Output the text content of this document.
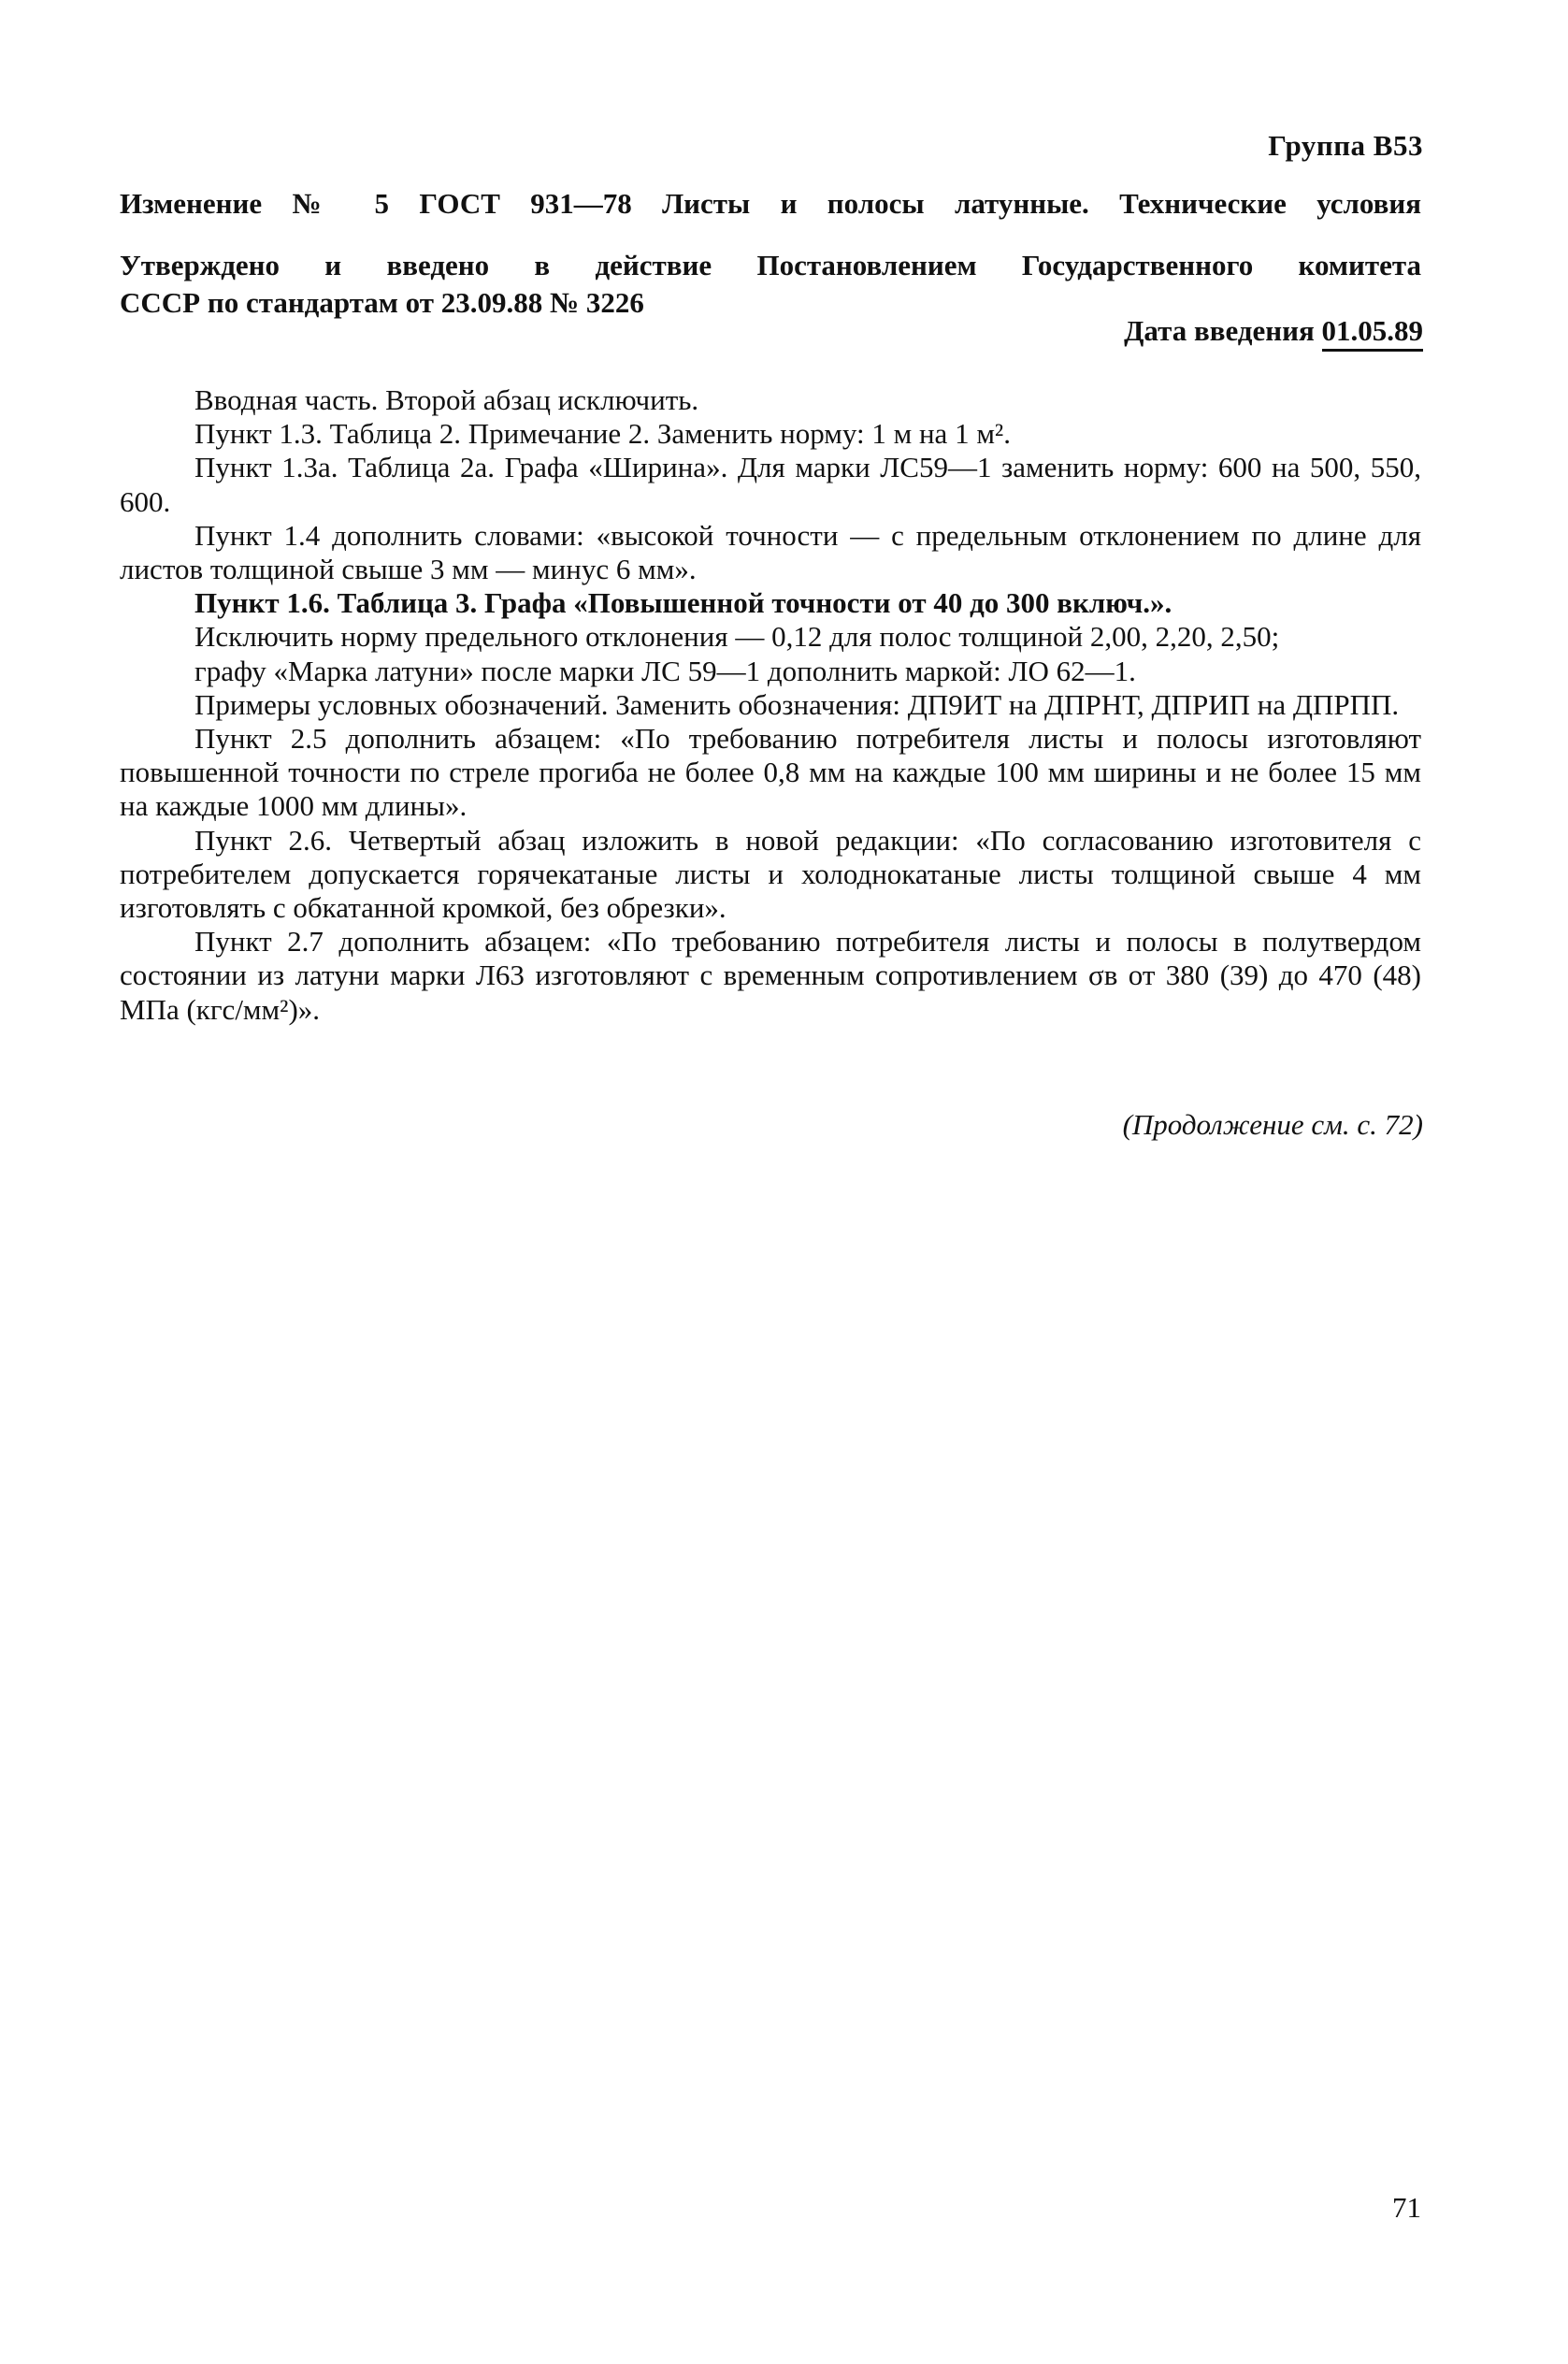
Группа В53
Изменение № 5 ГОСТ 931—78 Листы и полосы латунные. Технические условия
Утверждено и введено в действие Постановлением Государственного комитета
СССР по стандартам от 23.09.88 № 3226
Дата введения 01.05.89

Вводная часть. Второй абзац исключить.

Пункт 1.3. Таблица 2. Примечание 2. Заменить норму: 1 м на 1 м².

Пункт 1.3а. Таблица 2а. Графа «Ширина». Для марки ЛС59—1 заменить норму: 600 на 500, 550, 600.

Пункт 1.4 дополнить словами: «высокой точности — с предельным отклонением по длине для листов толщиной свыше 3 мм — минус 6 мм».

Пункт 1.6. Таблица 3. Графа «Повышенной точности от 40 до 300 включ.».

Исключить норму предельного отклонения — 0,12 для полос толщиной 2,00, 2,20, 2,50;

графу «Марка латуни» после марки ЛС 59—1 дополнить маркой: ЛО 62—1.

Примеры условных обозначений. Заменить обозначения: ДП9ИТ на ДПРНТ, ДПРИП на ДПРПП.

Пункт 2.5 дополнить абзацем: «По требованию потребителя листы и полосы изготовляют повышенной точности по стреле прогиба не более 0,8 мм на каждые 100 мм ширины и не более 15 мм на каждые 1000 мм длины».

Пункт 2.6. Четвертый абзац изложить в новой редакции: «По согласованию изготовителя с потребителем допускается горячекатаные листы и холоднокатаные листы толщиной свыше 4 мм изготовлять с обкатанной кромкой, без обрезки».

Пункт 2.7 дополнить абзацем: «По требованию потребителя листы и полосы в полутвердом состоянии из латуни марки Л63 изготовляют с временным сопротивлением σв от 380 (39) до 470 (48) МПа (кгс/мм²)».

(Продолжение см. с. 72)
71
